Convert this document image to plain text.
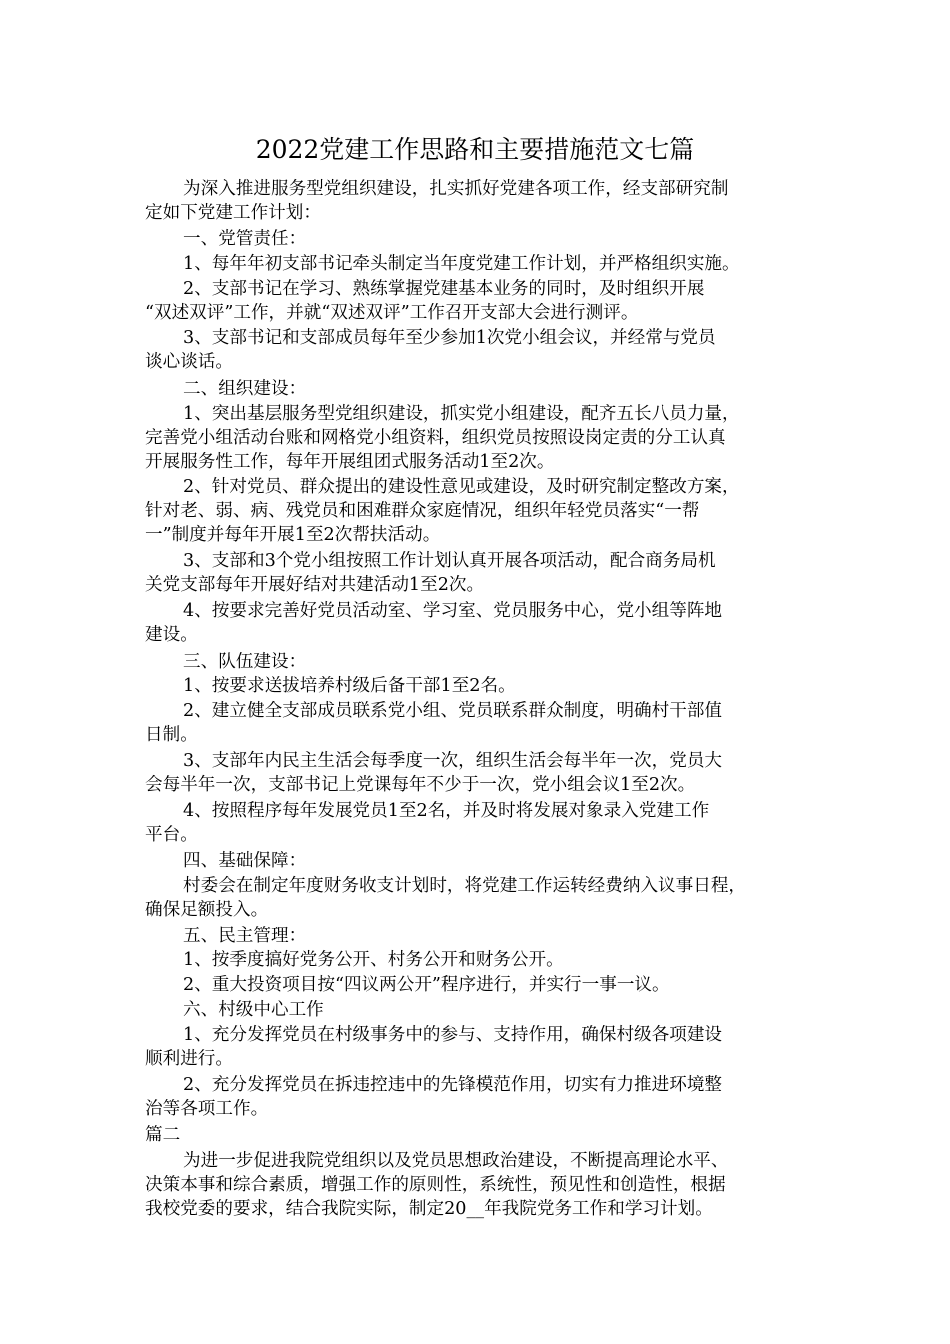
2022党建工作思路和主要措施范文七篇
为深入推进服务型党组织建设，扎实抓好党建各项工作，经支部研究制
定如下党建工作计划：
一、党管责任：
1、每年年初支部书记牵头制定当年度党建工作计划，并严格组织实施。
2、支部书记在学习、熟练掌握党建基本业务的同时，及时组织开展
“双述双评”工作，并就“双述双评”工作召开支部大会进行测评。
3、支部书记和支部成员每年至少参加1次党小组会议，并经常与党员
谈心谈话。
二、组织建设：
1、突出基层服务型党组织建设，抓实党小组建设，配齐五长八员力量，
完善党小组活动台账和网格党小组资料，组织党员按照设岗定责的分工认真
开展服务性工作，每年开展组团式服务活动1至2次。
2、针对党员、群众提出的建设性意见或建设，及时研究制定整改方案，
针对老、弱、病、残党员和困难群众家庭情况，组织年轻党员落实“一帮
一”制度并每年开展1至2次帮扶活动。
3、支部和3个党小组按照工作计划认真开展各项活动，配合商务局机
关党支部每年开展好结对共建活动1至2次。
4、按要求完善好党员活动室、学习室、党员服务中心，党小组等阵地
建设。
三、队伍建设：
1、按要求送拔培养村级后备干部1至2名。
2、建立健全支部成员联系党小组、党员联系群众制度，明确村干部值
日制。
3、支部年内民主生活会每季度一次，组织生活会每半年一次，党员大
会每半年一次，支部书记上党课每年不少于一次，党小组会议1至2次。
4、按照程序每年发展党员1至2名，并及时将发展对象录入党建工作
平台。
四、基础保障：
村委会在制定年度财务收支计划时，将党建工作运转经费纳入议事日程，
确保足额投入。
五、民主管理：
1、按季度搞好党务公开、村务公开和财务公开。
2、重大投资项目按“四议两公开”程序进行，并实行一事一议。
六、村级中心工作
1、充分发挥党员在村级事务中的参与、支持作用，确保村级各项建设
顺利进行。
2、充分发挥党员在拆违控违中的先锋模范作用，切实有力推进环境整
治等各项工作。
篇二
为进一步促进我院党组织以及党员思想政治建设，不断提高理论水平、
决策本事和综合素质，增强工作的原则性，系统性，预见性和创造性，根据
我校党委的要求，结合我院实际，制定20__年我院党务工作和学习计划。
